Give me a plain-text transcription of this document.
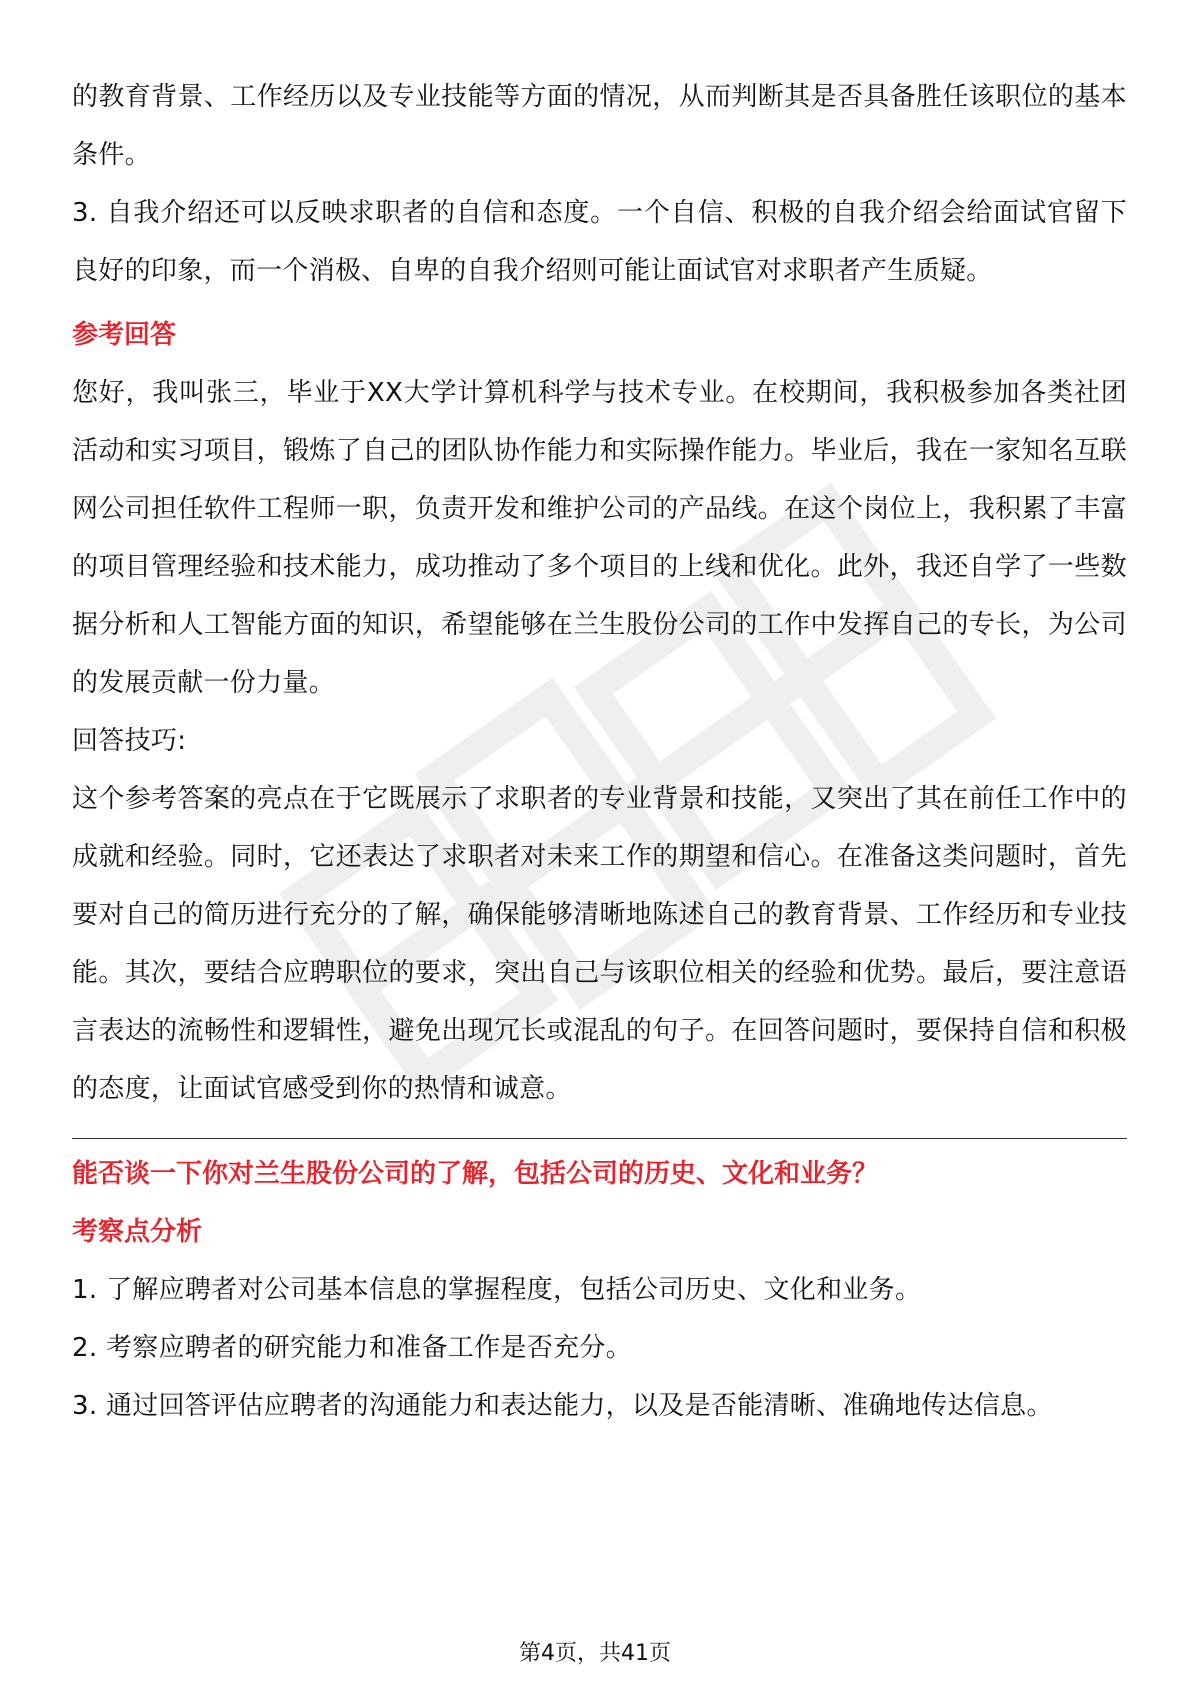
的教育背景、工作经历以及专业技能等方面的情况，从而判断其是否具备胜任该职位的基本条件。

3. 自我介绍还可以反映求职者的自信和态度。一个自信、积极的自我介绍会给面试官留下良好的印象，而一个消极、自卑的自我介绍则可能让面试官对求职者产生质疑。

参考回答

您好，我叫张三，毕业于XX大学计算机科学与技术专业。在校期间，我积极参加各类社团活动和实习项目，锻炼了自己的团队协作能力和实际操作能力。毕业后，我在一家知名互联网公司担任软件工程师一职，负责开发和维护公司的产品线。在这个岗位上，我积累了丰富的项目管理经验和技术能力，成功推动了多个项目的上线和优化。此外，我还自学了一些数据分析和人工智能方面的知识，希望能够在兰生股份公司的工作中发挥自己的专长，为公司的发展贡献一份力量。

回答技巧:

这个参考答案的亮点在于它既展示了求职者的专业背景和技能，又突出了其在前任工作中的成就和经验。同时，它还表达了求职者对未来工作的期望和信心。在准备这类问题时，首先要对自己的简历进行充分的了解，确保能够清晰地陈述自己的教育背景、工作经历和专业技能。其次，要结合应聘职位的要求，突出自己与该职位相关的经验和优势。最后，要注意语言表达的流畅性和逻辑性，避免出现冗长或混乱的句子。在回答问题时，要保持自信和积极的态度，让面试官感受到你的热情和诚意。

能否谈一下你对兰生股份公司的了解，包括公司的历史、文化和业务？

考察点分析

1. 了解应聘者对公司基本信息的掌握程度，包括公司历史、文化和业务。

2. 考察应聘者的研究能力和准备工作是否充分。

3. 通过回答评估应聘者的沟通能力和表达能力，以及是否能清晰、准确地传达信息。

第4页，共41页
